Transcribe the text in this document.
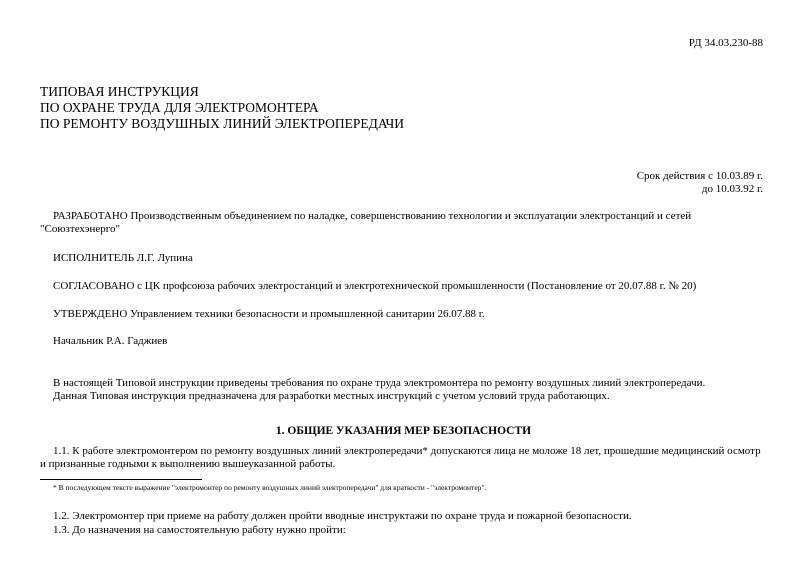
РД 34.03.230-88
ТИПОВАЯ ИНСТРУКЦИЯ
ПО ОХРАНЕ ТРУДА ДЛЯ ЭЛЕКТРОМОНТЕРА
ПО РЕМОНТУ ВОЗДУШНЫХ ЛИНИЙ ЭЛЕКТРОПЕРЕДАЧИ
Срок действия с 10.03.89 г.
до 10.03.92 г.
РАЗРАБОТАНО Производственным объединением по наладке, совершенствованию технологии и эксплуатации электростанций и сетей
"Союзтехэнерго"
ИСПОЛНИТЕЛЬ Л.Г. Лупина
СОГЛАСОВАНО с ЦК профсоюза рабочих электростанций и электротехнической промышленности (Постановление от 20.07.88 г. № 20)
УТВЕРЖДЕНО Управлением техники безопасности и промышленной санитарии 26.07.88 г.
Начальник Р.А. Гаджиев
В настоящей Типовой инструкции приведены требования по охране труда электромонтера по ремонту воздушных линий электропередачи.
Данная Типовая инструкция предназначена для разработки местных инструкций с учетом условий труда работающих.
1. ОБЩИЕ УКАЗАНИЯ МЕР БЕЗОПАСНОСТИ
1.1. К работе электромонтером по ремонту воздушных линий электропередачи* допускаются лица не моложе 18 лет, прошедшие медицинский осмотр
и признанные годными к выполнению вышеуказанной работы.
* В последующем тексте выражение "электромонтер по ремонту воздушных линий электропередачи" для краткости - "электромонтер".
1.2. Электромонтер при приеме на работу должен пройти вводные инструктажи по охране труда и пожарной безопасности.
1.3. До назначения на самостоятельную работу нужно пройти:
